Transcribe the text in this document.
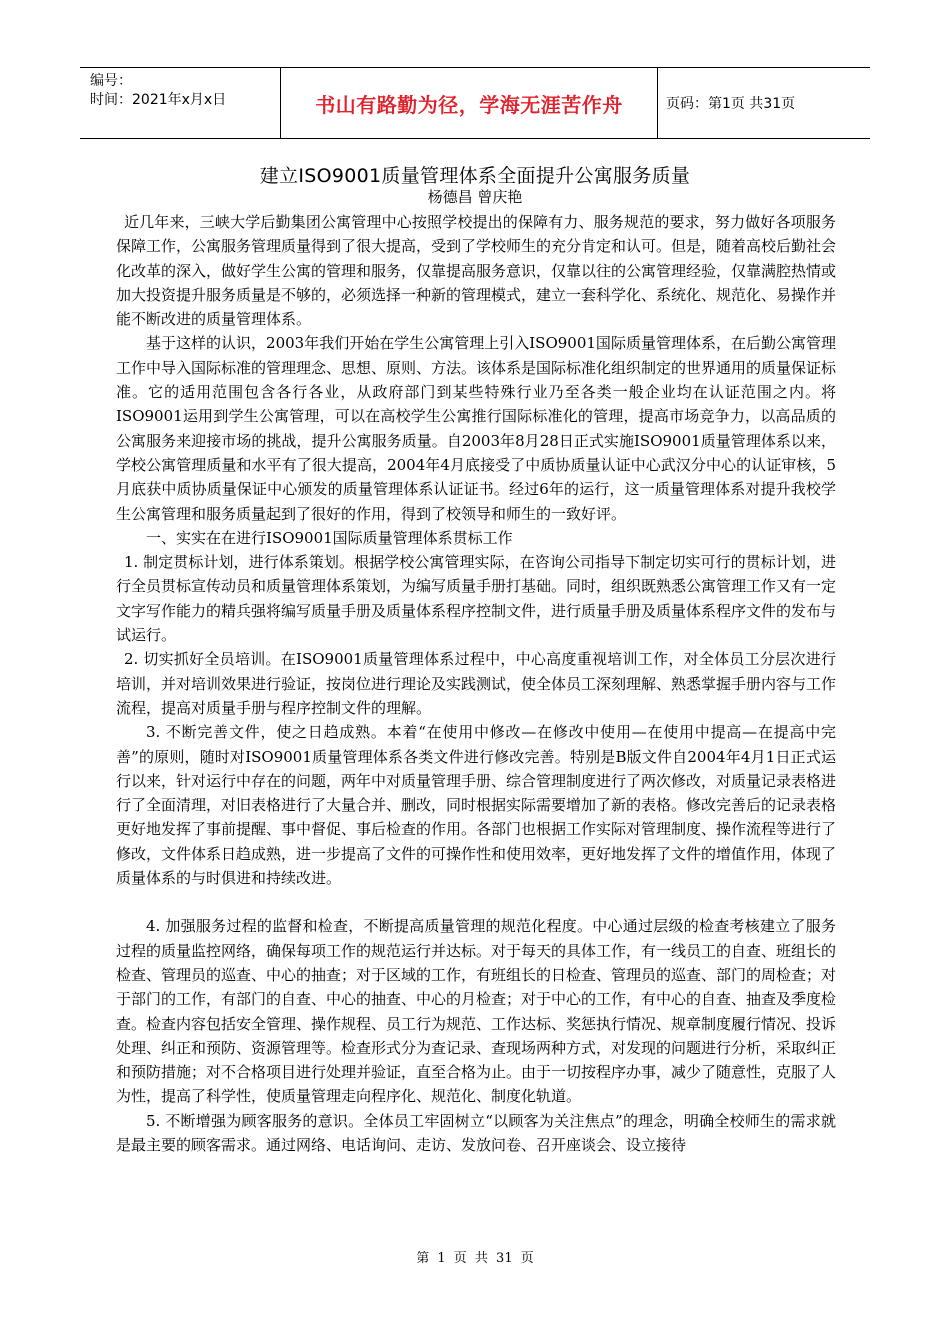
编号：
时间：2021年x月x日	书山有路勤为径，学海无涯苦作舟	页码：第1页 共31页
建立ISO9001质量管理体系全面提升公寓服务质量
杨德昌 曾庆艳

近几年来，三峡大学后勤集团公寓管理中心按照学校提出的保障有力、服务规范的要求，努力做好各项服务保障工作，公寓服务管理质量得到了很大提高，受到了学校师生的充分肯定和认可。但是，随着高校后勤社会化改革的深入，做好学生公寓的管理和服务，仅靠提高服务意识，仅靠以往的公寓管理经验，仅靠满腔热情或加大投资提升服务质量是不够的，必须选择一种新的管理模式，建立一套科学化、系统化、规范化、易操作并能不断改进的质量管理体系。

基于这样的认识，2003年我们开始在学生公寓管理上引入ISO9001国际质量管理体系，在后勤公寓管理工作中导入国际标准的管理理念、思想、原则、方法。该体系是国际标准化组织制定的世界通用的质量保证标准。它的适用范围包含各行各业，从政府部门到某些特殊行业乃至各类一般企业均在认证范围之内。将ISO9001运用到学生公寓管理，可以在高校学生公寓推行国际标准化的管理，提高市场竞争力，以高品质的公寓服务来迎接市场的挑战，提升公寓服务质量。自2003年8月28日正式实施ISO9001质量管理体系以来，学校公寓管理质量和水平有了很大提高，2004年4月底接受了中质协质量认证中心武汉分中心的认证审核，5月底获中质协质量保证中心颁发的质量管理体系认证证书。经过6年的运行，这一质量管理体系对提升我校学生公寓管理和服务质量起到了很好的作用，得到了校领导和师生的一致好评。

一、实实在在进行ISO9001国际质量管理体系贯标工作

1. 制定贯标计划，进行体系策划。根据学校公寓管理实际，在咨询公司指导下制定切实可行的贯标计划，进行全员贯标宣传动员和质量管理体系策划，为编写质量手册打基础。同时，组织既熟悉公寓管理工作又有一定文字写作能力的精兵强将编写质量手册及质量体系程序控制文件，进行质量手册及质量体系程序文件的发布与试运行。

2. 切实抓好全员培训。在ISO9001质量管理体系过程中，中心高度重视培训工作，对全体员工分层次进行培训，并对培训效果进行验证，按岗位进行理论及实践测试，使全体员工深刻理解、熟悉掌握手册内容与工作流程，提高对质量手册与程序控制文件的理解。

3. 不断完善文件，使之日趋成熟。本着“在使用中修改—在修改中使用—在使用中提高—在提高中完善”的原则，随时对ISO9001质量管理体系各类文件进行修改完善。特别是B版文件自2004年4月1日正式运行以来，针对运行中存在的问题，两年中对质量管理手册、综合管理制度进行了两次修改，对质量记录表格进行了全面清理，对旧表格进行了大量合并、删改，同时根据实际需要增加了新的表格。修改完善后的记录表格更好地发挥了事前提醒、事中督促、事后检查的作用。各部门也根据工作实际对管理制度、操作流程等进行了修改，文件体系日趋成熟，进一步提高了文件的可操作性和使用效率，更好地发挥了文件的增值作用，体现了质量体系的与时俱进和持续改进。

4. 加强服务过程的监督和检查，不断提高质量管理的规范化程度。中心通过层级的检查考核建立了服务过程的质量监控网络，确保每项工作的规范运行并达标。对于每天的具体工作，有一线员工的自查、班组长的检查、管理员的巡查、中心的抽查；对于区域的工作，有班组长的日检查、管理员的巡查、部门的周检查；对于部门的工作，有部门的自查、中心的抽查、中心的月检查；对于中心的工作，有中心的自查、抽查及季度检查。检查内容包括安全管理、操作规程、员工行为规范、工作达标、奖惩执行情况、规章制度履行情况、投诉处理、纠正和预防、资源管理等。检查形式分为查记录、查现场两种方式，对发现的问题进行分析，采取纠正和预防措施；对不合格项目进行处理并验证，直至合格为止。由于一切按程序办事，减少了随意性，克服了人为性，提高了科学性，使质量管理走向程序化、规范化、制度化轨道。

5. 不断增强为顾客服务的意识。全体员工牢固树立“以顾客为关注焦点”的理念，明确全校师生的需求就是最主要的顾客需求。通过网络、电话询问、走访、发放问卷、召开座谈会、设立接待

第 1 页 共 31 页
